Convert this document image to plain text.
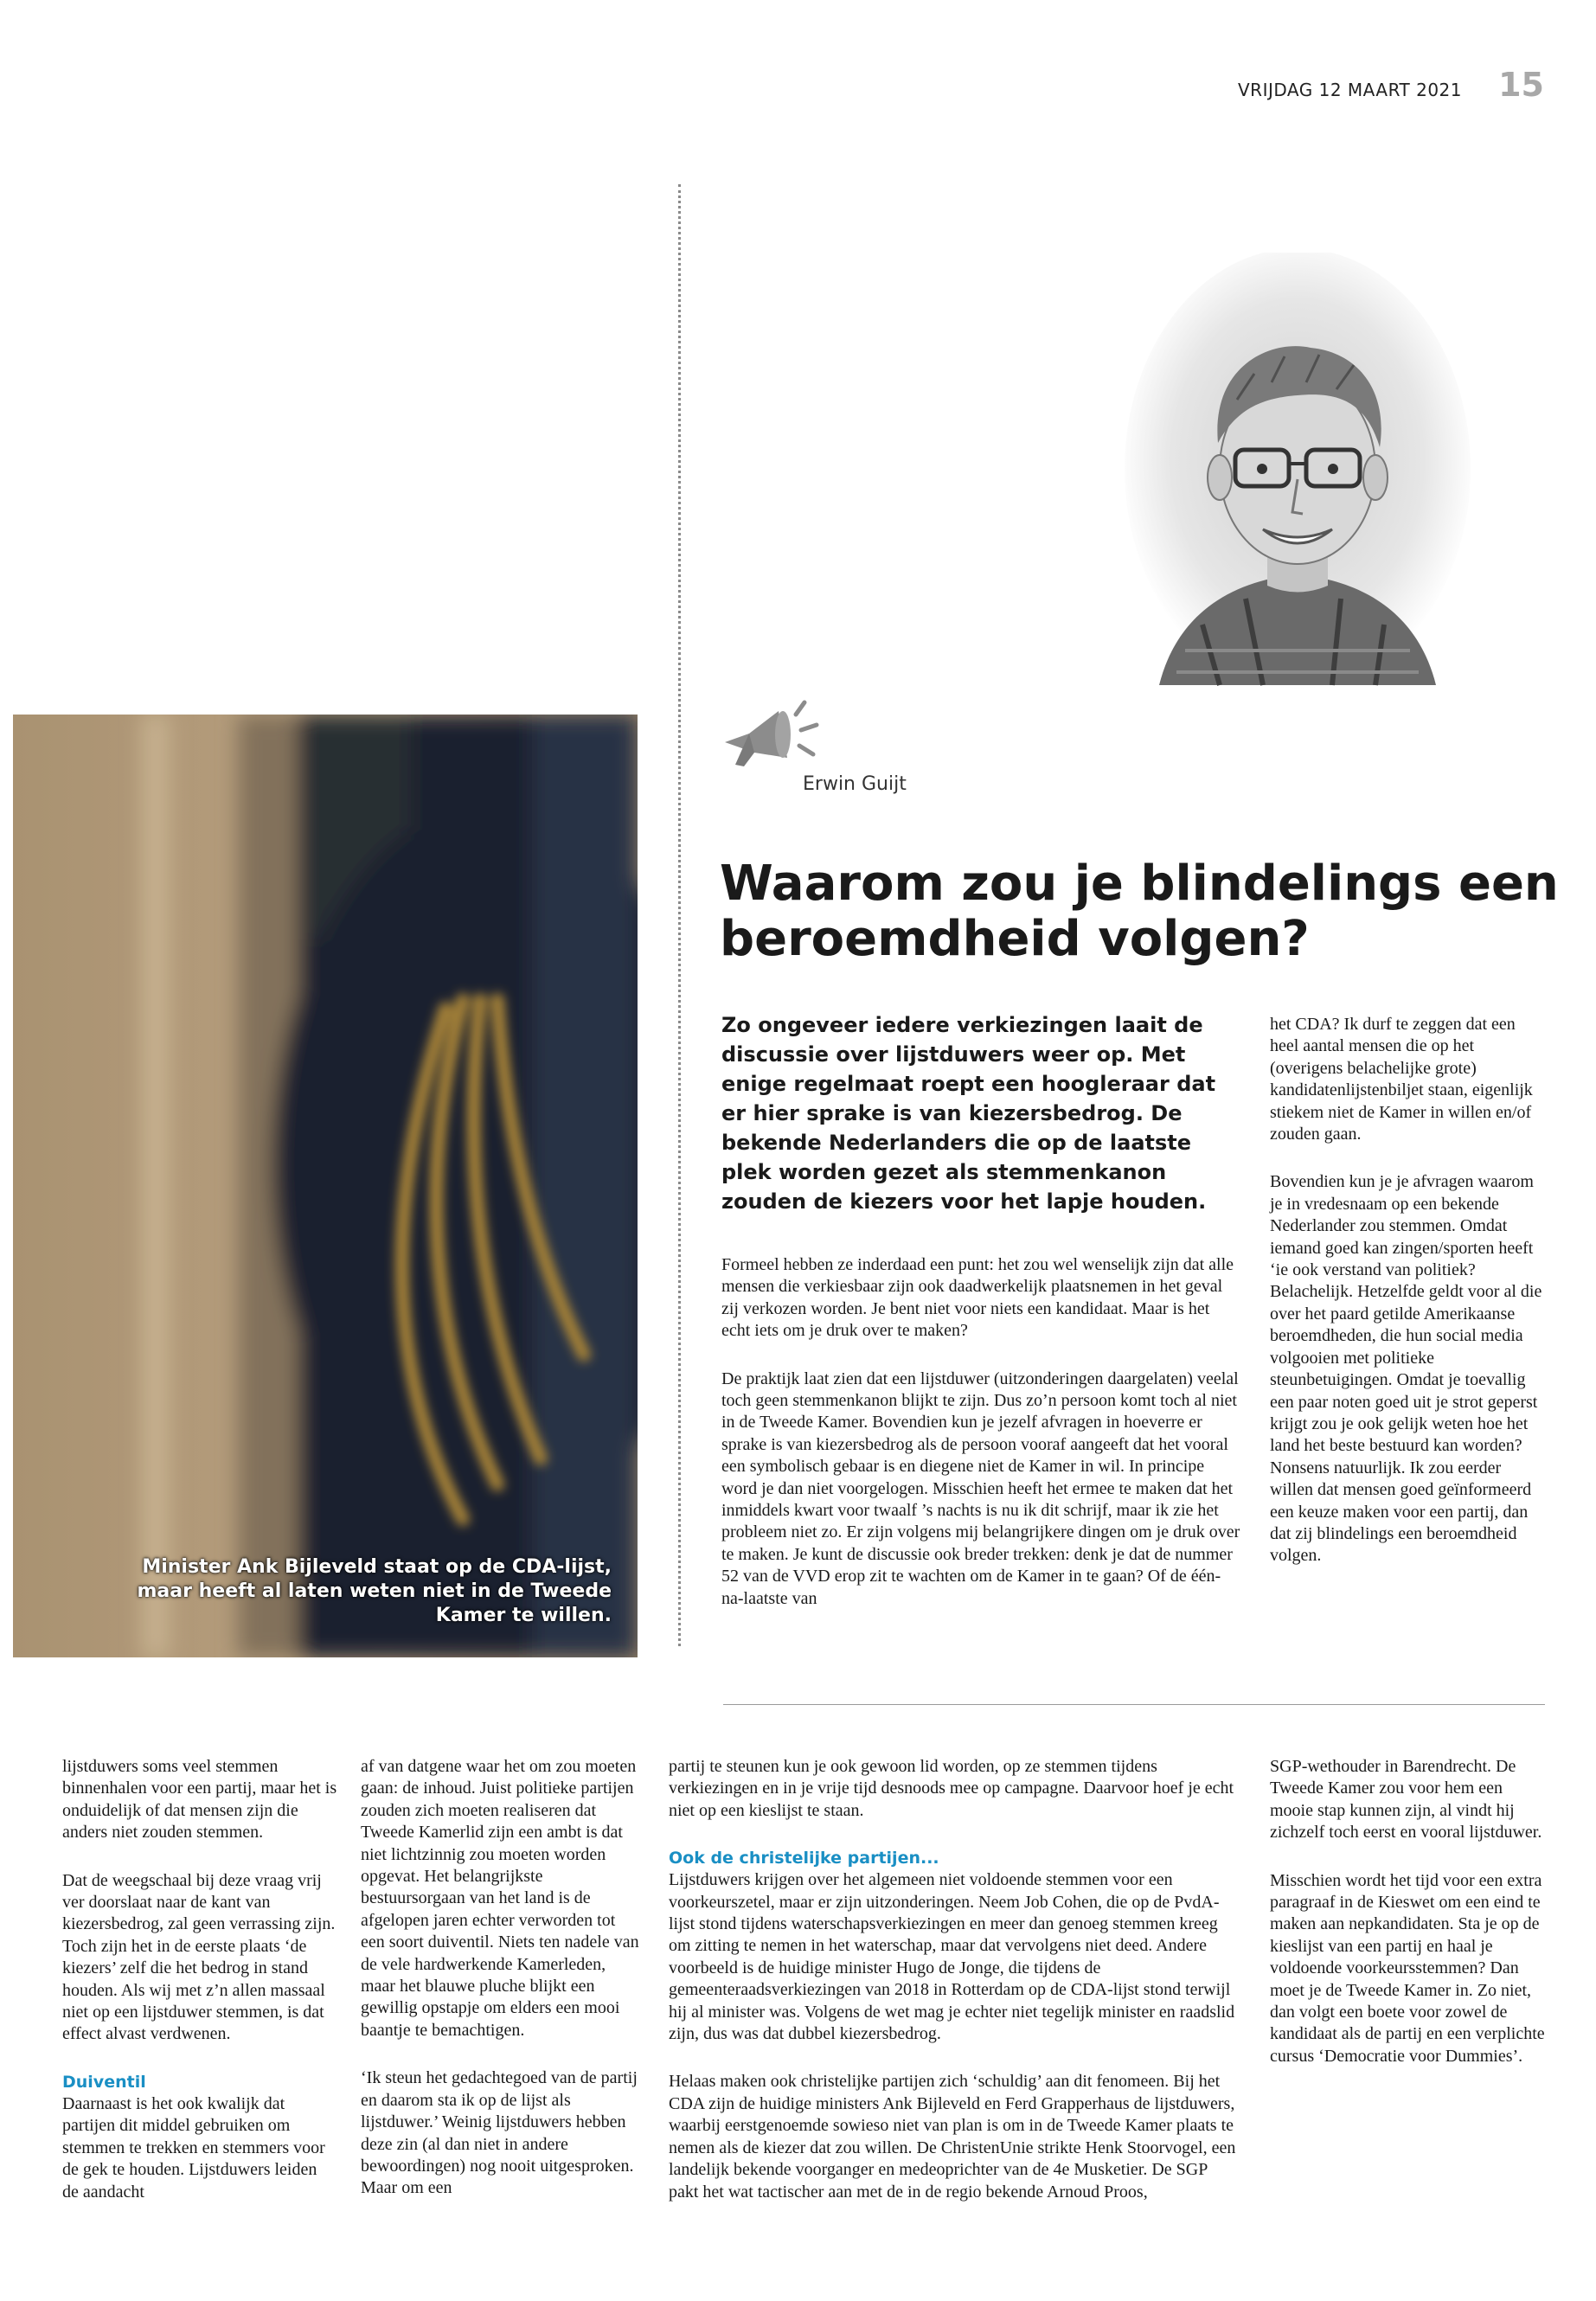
VRIJDAG 12 MAART 2021 15
Minister Ank Bijleveld staat op de CDA-lijst, maar heeft al laten weten niet in de Tweede Kamer te willen.
Erwin Guijt
Waarom zou je blindelings een beroemdheid volgen?
Zo ongeveer iedere verkiezingen laait de discussie over lijstduwers weer op. Met enige regelmaat roept een hoogleraar dat er hier sprake is van kiezersbedrog. De bekende Nederlanders die op de laatste plek worden gezet als stemmenkanon zouden de kiezers voor het lapje houden.

Formeel hebben ze inderdaad een punt: het zou wel wenselijk zijn dat alle mensen die verkiesbaar zijn ook daadwerkelijk plaatsnemen in het geval zij verkozen worden. Je bent niet voor niets een kandidaat. Maar is het echt iets om je druk over te maken?

De praktijk laat zien dat een lijstduwer (uitzonderingen daargelaten) veelal toch geen stemmenkanon blijkt te zijn. Dus zo’n persoon komt toch al niet in de Tweede Kamer. Bovendien kun je jezelf afvragen in hoeverre er sprake is van kiezersbedrog als de persoon vooraf aangeeft dat het vooral een symbolisch gebaar is en diegene niet de Kamer in wil. In principe word je dan niet voorgelogen. Misschien heeft het ermee te maken dat het inmiddels kwart voor twaalf ’s nachts is nu ik dit schrijf, maar ik zie het probleem niet zo. Er zijn volgens mij belangrijkere dingen om je druk over te maken. Je kunt de discussie ook breder trekken: denk je dat de nummer 52 van de VVD erop zit te wachten om de Kamer in te gaan? Of de één-na-laatste van

het CDA? Ik durf te zeggen dat een heel aantal mensen die op het (overigens belachelijke grote) kandidatenlijstenbiljet staan, eigenlijk stiekem niet de Kamer in willen en/of zouden gaan.

Bovendien kun je je afvragen waarom je in vredesnaam op een bekende Nederlander zou stemmen. Omdat iemand goed kan zingen/sporten heeft ‘ie ook verstand van politiek? Belachelijk. Hetzelfde geldt voor al die over het paard getilde Amerikaanse beroemdheden, die hun social media volgooien met politieke steunbetuigingen. Omdat je toevallig een paar noten goed uit je strot geperst krijgt zou je ook gelijk weten hoe het land het beste bestuurd kan worden? Nonsens natuurlijk. Ik zou eerder willen dat mensen goed geïnformeerd een keuze maken voor een partij, dan dat zij blindelings een beroemdheid volgen.

lijstduwers soms veel stemmen binnenhalen voor een partij, maar het is onduidelijk of dat mensen zijn die anders niet zouden stemmen.

Dat de weegschaal bij deze vraag vrij ver doorslaat naar de kant van kiezersbedrog, zal geen verrassing zijn. Toch zijn het in de eerste plaats ‘de kiezers’ zelf die het bedrog in stand houden. Als wij met z’n allen massaal niet op een lijstduwer stemmen, is dat effect alvast verdwenen.

Duiventil

Daarnaast is het ook kwalijk dat partijen dit middel gebruiken om stemmen te trekken en stemmers voor de gek te houden. Lijstduwers leiden de aandacht

af van datgene waar het om zou moeten gaan: de inhoud. Juist politieke partijen zouden zich moeten realiseren dat Tweede Kamerlid zijn een ambt is dat niet lichtzinnig zou moeten worden opgevat. Het belangrijkste bestuursorgaan van het land is de afgelopen jaren echter verworden tot een soort duiventil. Niets ten nadele van de vele hardwerkende Kamerleden, maar het blauwe pluche blijkt een gewillig opstapje om elders een mooi baantje te bemachtigen.

‘Ik steun het gedachtegoed van de partij en daarom sta ik op de lijst als lijstduwer.’ Weinig lijstduwers hebben deze zin (al dan niet in andere bewoordingen) nog nooit uitgesproken. Maar om een

partij te steunen kun je ook gewoon lid worden, op ze stemmen tijdens verkiezingen en in je vrije tijd desnoods mee op campagne. Daarvoor hoef je echt niet op een kieslijst te staan.

Ook de christelijke partijen...

Lijstduwers krijgen over het algemeen niet voldoende stemmen voor een voorkeurszetel, maar er zijn uitzonderingen. Neem Job Cohen, die op de PvdA-lijst stond tijdens waterschapsverkiezingen en meer dan genoeg stemmen kreeg om zitting te nemen in het waterschap, maar dat vervolgens niet deed. Andere voorbeeld is de huidige minister Hugo de Jonge, die tijdens de gemeenteraadsverkiezingen van 2018 in Rotterdam op de CDA-lijst stond terwijl hij al minister was. Volgens de wet mag je echter niet tegelijk minister en raadslid zijn, dus was dat dubbel kiezersbedrog.

Helaas maken ook christelijke partijen zich ‘schuldig’ aan dit fenomeen. Bij het CDA zijn de huidige ministers Ank Bijleveld en Ferd Grapperhaus de lijstduwers, waarbij eerstgenoemde sowieso niet van plan is om in de Tweede Kamer plaats te nemen als de kiezer dat zou willen. De ChristenUnie strikte Henk Stoorvogel, een landelijk bekende voorganger en medeoprichter van de 4e Musketier. De SGP pakt het wat tactischer aan met de in de regio bekende Arnoud Proos,

SGP-wethouder in Barendrecht. De Tweede Kamer zou voor hem een mooie stap kunnen zijn, al vindt hij zichzelf toch eerst en vooral lijstduwer.

Misschien wordt het tijd voor een extra paragraaf in de Kieswet om een eind te maken aan nepkandidaten. Sta je op de kieslijst van een partij en haal je voldoende voorkeursstemmen? Dan moet je de Tweede Kamer in. Zo niet, dan volgt een boete voor zowel de kandidaat als de partij en een verplichte cursus ‘Democratie voor Dummies’.
